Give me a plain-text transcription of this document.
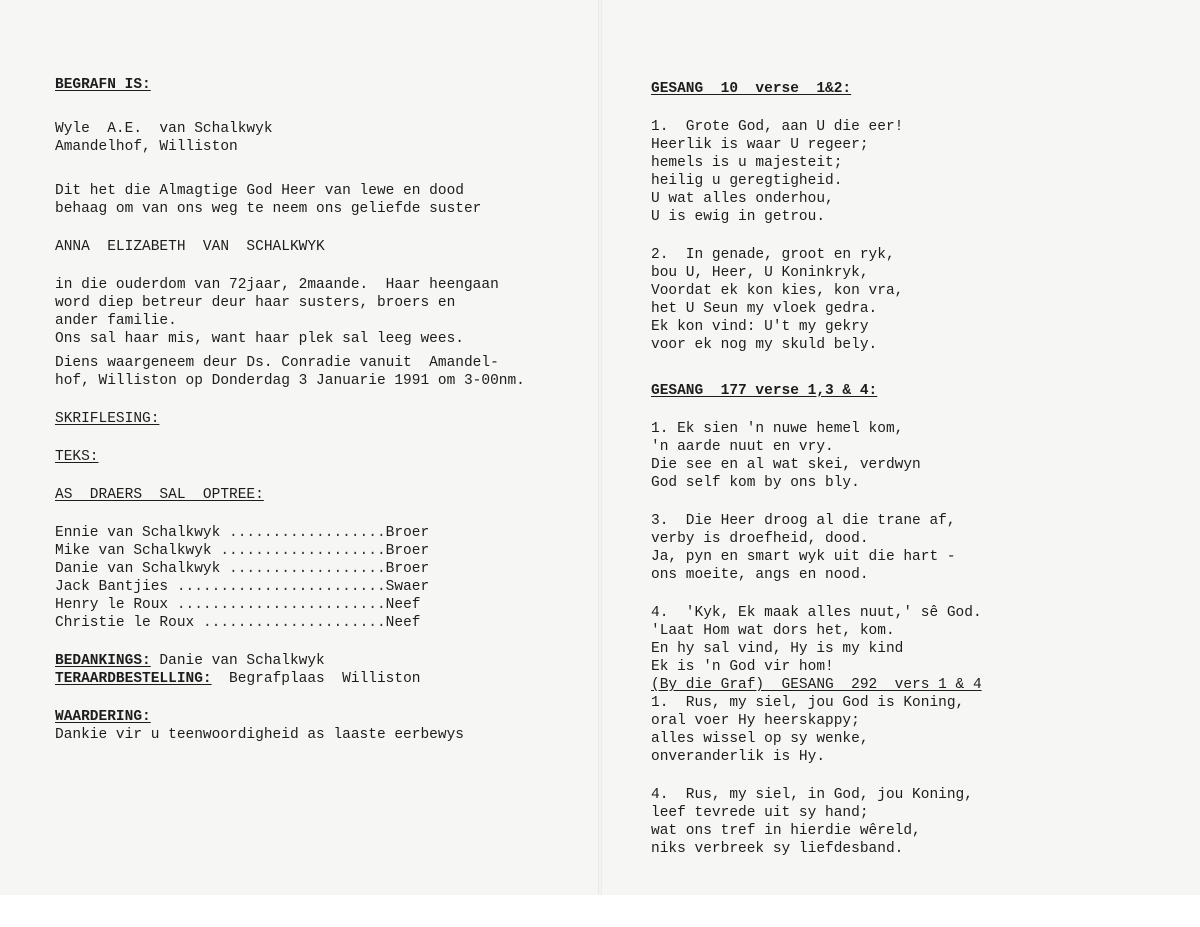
BEGRAFN IS:
Wyle  A.E.  van Schalkwyk
Amandelhof, Williston
Dit het die Almagtige God Heer van lewe en dood
behaag om van ons weg te neem ons geliefde suster
ANNA  ELIZABETH  VAN  SCHALKWYK
in die ouderdom van 72jaar, 2maande.  Haar heengaan
word diep betreur deur haar susters, broers en
ander familie.
Ons sal haar mis, want haar plek sal leeg wees.
Diens waargeneem deur Ds. Conradie vanuit  Amandel-
hof, Williston op Donderdag 3 Januarie 1991 om 3-00nm.
SKRIFLESING:
TEKS:
AS  DRAERS  SAL  OPTREE:
Ennie van Schalkwyk .................. Broer
Mike van Schalkwyk ................... Broer
Danie van Schalkwyk .................. Broer
Jack Bantjies ........................ Swaer
Henry le Roux ........................ Neef
Christie le Roux ..................... Neef
BEDANKINGS: Danie van Schalkwyk
TERAARDBESTELLING:  Begrafplaas  Williston
WAARDERING:
Dankie vir u teenwoordigheid as laaste eerbewys
GESANG  10  verse  1&2:
1.  Grote God, aan U die eer!
Heerlik is waar U regeer;
hemels is u majesteit;
heilig u geregtigheid.
U wat alles onderhou,
U is ewig in getrou.
2.  In genade, groot en ryk,
bou U, Heer, U Koninkryk,
Voordat ek kon kies, kon vra,
het U Seun my vloek gedra.
Ek kon vind: U't my gekry
voor ek nog my skuld bely.
GESANG  177 verse 1,3 & 4:
1. Ek sien 'n nuwe hemel kom,
'n aarde nuut en vry.
Die see en al wat skei, verdwyn
God self kom by ons bly.
3.  Die Heer droog al die trane af,
verby is droefheid, dood.
Ja, pyn en smart wyk uit die hart -
ons moeite, angs en nood.
4.  'Kyk, Ek maak alles nuut,' sê God.
'Laat Hom wat dors het, kom.
En hy sal vind, Hy is my kind
Ek is 'n God vir hom!
(By die Graf)  GESANG  292  vers 1 & 4
1.  Rus, my siel, jou God is Koning,
oral voer Hy heerskappy;
alles wissel op sy wenke,
onveranderlik is Hy.
4.  Rus, my siel, in God, jou Koning,
leef tevrede uit sy hand;
wat ons tref in hierdie wêreld,
niks verbreek sy liefdesband.
